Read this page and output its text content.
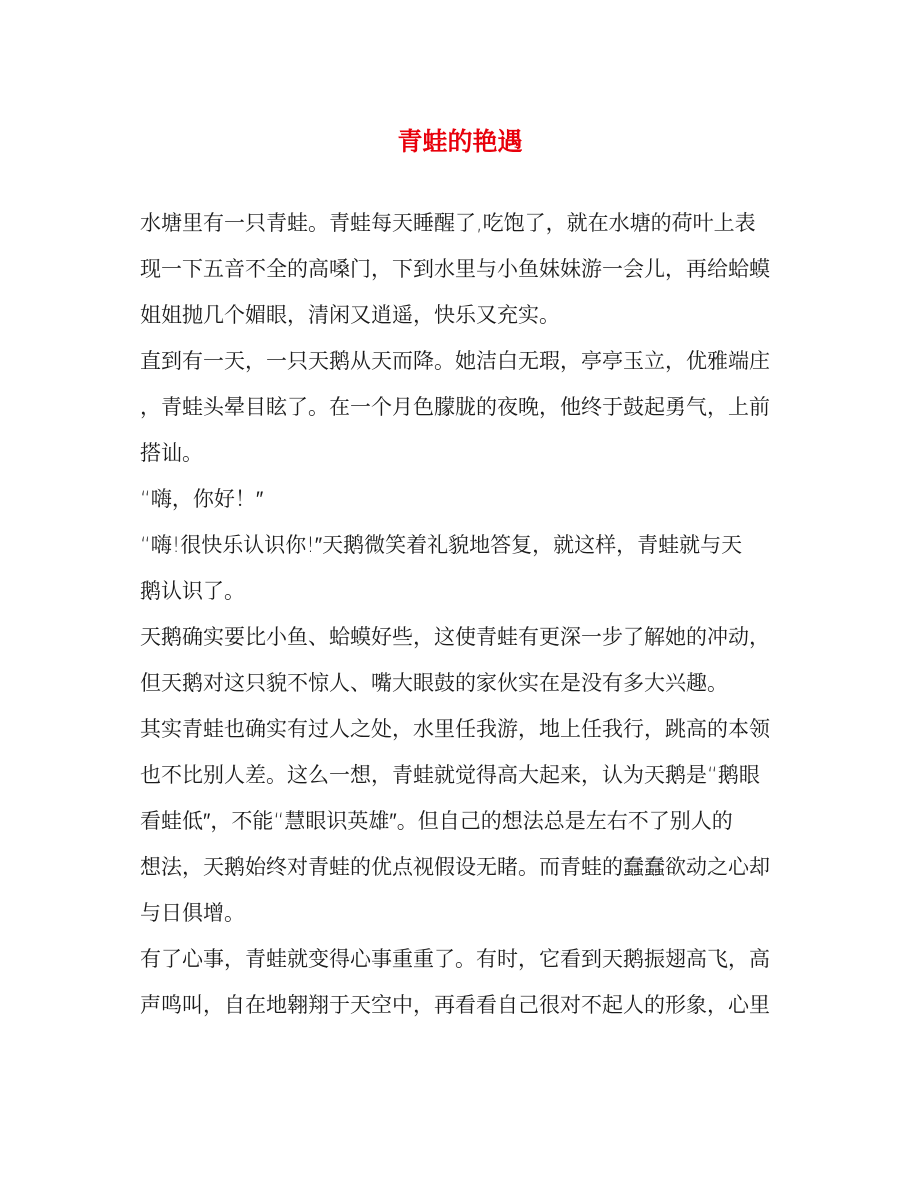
青蛙的艳遇
水塘里有一只青蛙。青蛙每天睡醒了,吃饱了，就在水塘的荷叶上表
现一下五音不全的高嗓门，下到水里与小鱼妹妹游一会儿，再给蛤蟆
姐姐抛几个媚眼，清闲又逍遥，快乐又充实。
直到有一天，一只天鹅从天而降。她洁白无瑕，亭亭玉立，优雅端庄
，青蛙头晕目眩了。在一个月色朦胧的夜晚，他终于鼓起勇气，上前
搭讪。
“嗨，你好！″
“嗨!很快乐认识你!″天鹅微笑着礼貌地答复，就这样，青蛙就与天
鹅认识了。
天鹅确实要比小鱼、蛤蟆好些，这使青蛙有更深一步了解她的冲动，
但天鹅对这只貌不惊人、嘴大眼鼓的家伙实在是没有多大兴趣。
其实青蛙也确实有过人之处，水里任我游，地上任我行，跳高的本领
也不比别人差。这么一想，青蛙就觉得高大起来，认为天鹅是“鹅眼
看蛙低″，不能“慧眼识英雄″。但自己的想法总是左右不了别人的
想法，天鹅始终对青蛙的优点视假设无睹。而青蛙的蠢蠢欲动之心却
与日俱增。
有了心事，青蛙就变得心事重重了。有时，它看到天鹅振翅高飞，高
声鸣叫，自在地翱翔于天空中，再看看自己很对不起人的形象，心里
